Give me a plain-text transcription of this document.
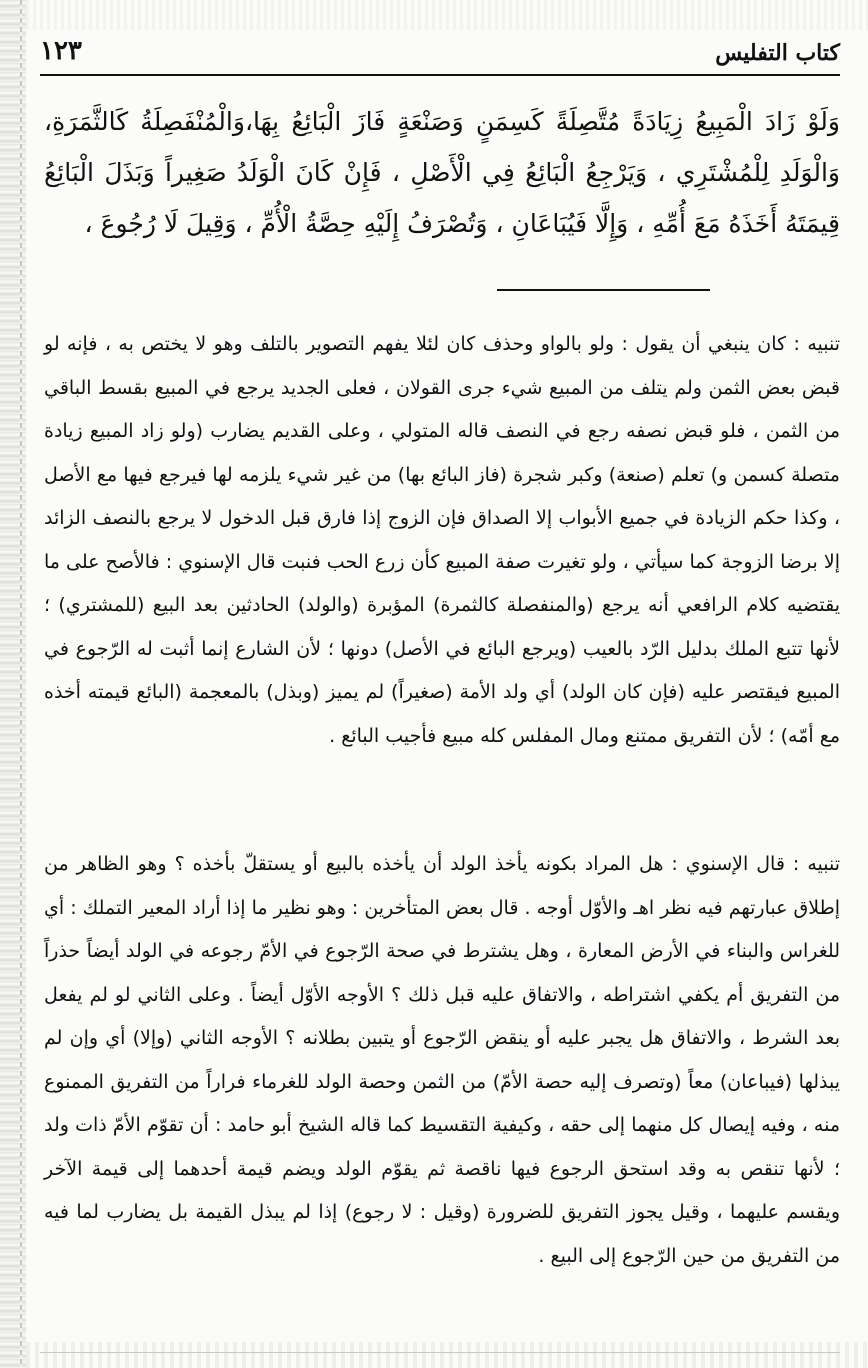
كتاب التفليس
١٢٣

وَلَوْ زَادَ الْمَبِيعُ زِيَادَةً مُتَّصِلَةً كَسِمَنٍ وَصَنْعَةٍ فَازَ الْبَائِعُ بِهَا،وَالْمُنْفَصِلَةُ كَالثَّمَرَةِ، وَالْوَلَدِ لِلْمُشْتَرِي ، وَيَرْجِعُ الْبَائِعُ فِي الْأَصْلِ ، فَإِنْ كَانَ الْوَلَدُ صَغِيراً وَبَذَلَ الْبَائِعُ قِيمَتَهُ أَخَذَهُ مَعَ أُمِّهِ ، وَإِلَّا فَيُبَاعَانِ ، وَتُصْرَفُ إِلَيْهِ حِصَّةُ الْأُمِّ ، وَقِيلَ لَا رُجُوعَ ،

تنبيه : كان ينبغي أن يقول : ولو بالواو وحذف كان لئلا يفهم التصوير بالتلف وهو لا يختص به ، فإنه لو قبض بعض الثمن ولم يتلف من المبيع شيء جرى القولان ، فعلى الجديد يرجع في المبيع بقسط الباقي من الثمن ، فلو قبض نصفه رجع في النصف قاله المتولي ، وعلى القديم يضارب (ولو زاد المبيع زيادة متصلة كسمن و) تعلم (صنعة) وكبر شجرة (فاز البائع بها) من غير شيء يلزمه لها فيرجع فيها مع الأصل ، وكذا حكم الزيادة في جميع الأبواب إلا الصداق فإن الزوج إذا فارق قبل الدخول لا يرجع بالنصف الزائد إلا برضا الزوجة كما سيأتي ، ولو تغيرت صفة المبيع كأن زرع الحب فنبت قال الإسنوي : فالأصح على ما يقتضيه كلام الرافعي أنه يرجع (والمنفصلة كالثمرة) المؤبرة (والولد) الحادثين بعد البيع (للمشتري) ؛ لأنها تتبع الملك بدليل الرّد بالعيب (ويرجع البائع في الأصل) دونها ؛ لأن الشارع إنما أثبت له الرّجوع في المبيع فيقتصر عليه (فإن كان الولد) أي ولد الأمة (صغيراً) لم يميز (وبذل) بالمعجمة (البائع قيمته أخذه مع أمّه) ؛ لأن التفريق ممتنع ومال المفلس كله مبيع فأجيب البائع .

تنبيه : قال الإسنوي : هل المراد بكونه يأخذ الولد أن يأخذه بالبيع أو يستقلّ بأخذه ؟ وهو الظاهر من إطلاق عبارتهم فيه نظر اهـ والأوّل أوجه . قال بعض المتأخرين : وهو نظير ما إذا أراد المعير التملك : أي للغراس والبناء في الأرض المعارة ، وهل يشترط في صحة الرّجوع في الأمّ رجوعه في الولد أيضاً حذراً من التفريق أم يكفي اشتراطه ، والاتفاق عليه قبل ذلك ؟ الأوجه الأوّل أيضاً . وعلى الثاني لو لم يفعل بعد الشرط ، والاتفاق هل يجبر عليه أو ينقض الرّجوع أو يتبين بطلانه ؟ الأوجه الثاني (وإلا) أي وإن لم يبذلها (فيباعان) معاً (وتصرف إليه حصة الأمّ) من الثمن وحصة الولد للغرماء فراراً من التفريق الممنوع منه ، وفيه إيصال كل منهما إلى حقه ، وكيفية التقسيط كما قاله الشيخ أبو حامد : أن تقوّم الأمّ ذات ولد ؛ لأنها تنقص به وقد استحق الرجوع فيها ناقصة ثم يقوّم الولد ويضم قيمة أحدهما إلى قيمة الآخر ويقسم عليهما ، وقيل يجوز التفريق للضرورة (وقيل : لا رجوع) إذا لم يبذل القيمة بل يضارب لما فيه من التفريق من حين الرّجوع إلى البيع .
